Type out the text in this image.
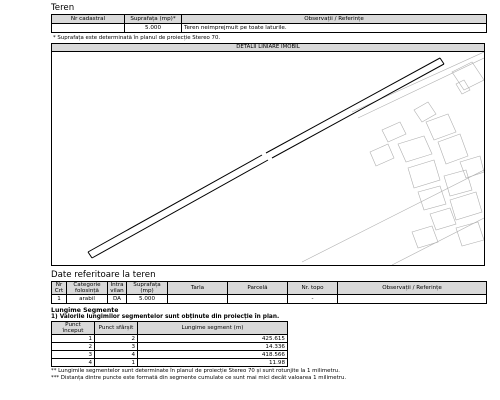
Teren
Nr cadastral	Suprafața (mp)*	Observații / Referințe
	5.000	Teren neimprejmuit pe toate laturile.
* Suprafața este determinată în planul de proiecție Stereo 70.
DETALII LINIARE IMOBIL
Date referitoare la teren
Nr Crt	Categorie folosință	Intra vilan	Suprafața (mp)	Tarla	Parcelă	Nr. topo	Observații / Referințe
1	arabil	DA	5.000			-	
Lungime Segmente
1) Valorile lungimilor segmentelor sunt obținute din proiecție în plan.
Punct început	Punct sfârșit	Lungime segment (m)
1	2	425.615
2	3	14.336
3	4	418.566
4	1	11.98
** Lungimile segmentelor sunt determinate în planul de proiecție Stereo 70 și sunt rotunjite la 1 milimetru.
*** Distanța dintre puncte este formată din segmente cumulate ce sunt mai mici decât valoarea 1 milimetru.
